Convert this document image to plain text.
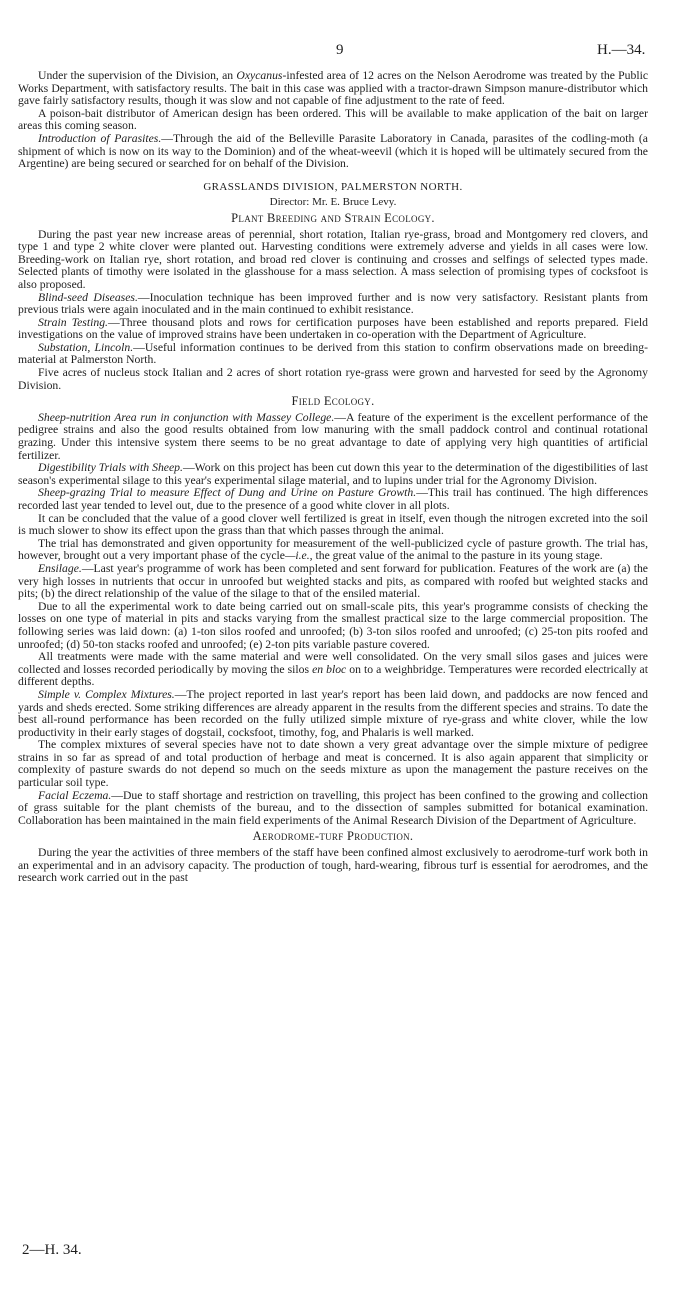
9	H.—34.

Under the supervision of the Division, an Oxycanus-infested area of 12 acres on the Nelson Aerodrome was treated by the Public Works Department, with satisfactory results. The bait in this case was applied with a tractor-drawn Simpson manure-distributor which gave fairly satisfactory results, though it was slow and not capable of fine adjustment to the rate of feed.

A poison-bait distributor of American design has been ordered. This will be available to make application of the bait on larger areas this coming season.

Introduction of Parasites.—Through the aid of the Belleville Parasite Laboratory in Canada, parasites of the codling-moth (a shipment of which is now on its way to the Dominion) and of the wheat-weevil (which it is hoped will be ultimately secured from the Argentine) are being secured or searched for on behalf of the Division.

GRASSLANDS DIVISION, PALMERSTON NORTH.
Director: Mr. E. Bruce Levy.
Plant Breeding and Strain Ecology.

During the past year new increase areas of perennial, short rotation, Italian rye-grass, broad and Montgomery red clovers, and type 1 and type 2 white clover were planted out. Harvesting conditions were extremely adverse and yields in all cases were low. Breeding-work on Italian rye, short rotation, and broad red clover is continuing and crosses and selfings of selected types made. Selected plants of timothy were isolated in the glasshouse for a mass selection. A mass selection of promising types of cocksfoot is also proposed.

Blind-seed Diseases.—Inoculation technique has been improved further and is now very satisfactory. Resistant plants from previous trials were again inoculated and in the main continued to exhibit resistance.

Strain Testing.—Three thousand plots and rows for certification purposes have been established and reports prepared. Field investigations on the value of improved strains have been undertaken in co-operation with the Department of Agriculture.

Substation, Lincoln.—Useful information continues to be derived from this station to confirm observations made on breeding-material at Palmerston North.

Five acres of nucleus stock Italian and 2 acres of short rotation rye-grass were grown and harvested for seed by the Agronomy Division.

Field Ecology.

Sheep-nutrition Area run in conjunction with Massey College.—A feature of the experiment is the excellent performance of the pedigree strains and also the good results obtained from low manuring with the small paddock control and continual rotational grazing. Under this intensive system there seems to be no great advantage to date of applying very high quantities of artificial fertilizer.

Digestibility Trials with Sheep.—Work on this project has been cut down this year to the determination of the digestibilities of last season's experimental silage to this year's experimental silage material, and to lupins under trial for the Agronomy Division.

Sheep-grazing Trial to measure Effect of Dung and Urine on Pasture Growth.—This trail has continued. The high differences recorded last year tended to level out, due to the presence of a good white clover in all plots.

It can be concluded that the value of a good clover well fertilized is great in itself, even though the nitrogen excreted into the soil is much slower to show its effect upon the grass than that which passes through the animal.

The trial has demonstrated and given opportunity for measurement of the well-publicized cycle of pasture growth. The trial has, however, brought out a very important phase of the cycle—i.e., the great value of the animal to the pasture in its young stage.

Ensilage.—Last year's programme of work has been completed and sent forward for publication. Features of the work are (a) the very high losses in nutrients that occur in unroofed but weighted stacks and pits, as compared with roofed but weighted stacks and pits; (b) the direct relationship of the value of the silage to that of the ensiled material.

Due to all the experimental work to date being carried out on small-scale pits, this year's programme consists of checking the losses on one type of material in pits and stacks varying from the smallest practical size to the large commercial proposition. The following series was laid down: (a) 1-ton silos roofed and unroofed; (b) 3-ton silos roofed and unroofed; (c) 25-ton pits roofed and unroofed; (d) 50-ton stacks roofed and unroofed; (e) 2-ton pits variable pasture covered.

All treatments were made with the same material and were well consolidated. On the very small silos gases and juices were collected and losses recorded periodically by moving the silos en bloc on to a weighbridge. Temperatures were recorded electrically at different depths.

Simple v. Complex Mixtures.—The project reported in last year's report has been laid down, and paddocks are now fenced and yards and sheds erected. Some striking differences are already apparent in the results from the different species and strains. To date the best all-round performance has been recorded on the fully utilized simple mixture of rye-grass and white clover, while the low productivity in their early stages of dogstail, cocksfoot, timothy, fog, and Phalaris is well marked.

The complex mixtures of several species have not to date shown a very great advantage over the simple mixture of pedigree strains in so far as spread of and total production of herbage and meat is concerned. It is also again apparent that simplicity or complexity of pasture swards do not depend so much on the seeds mixture as upon the management the pasture receives on the particular soil type.

Facial Eczema.—Due to staff shortage and restriction on travelling, this project has been confined to the growing and collection of grass suitable for the plant chemists of the bureau, and to the dissection of samples submitted for botanical examination. Collaboration has been maintained in the main field experiments of the Animal Research Division of the Department of Agriculture.

Aerodrome-turf Production.

During the year the activities of three members of the staff have been confined almost exclusively to aerodrome-turf work both in an experimental and in an advisory capacity. The production of tough, hard-wearing, fibrous turf is essential for aerodromes, and the research work carried out in the past

2—H. 34.
